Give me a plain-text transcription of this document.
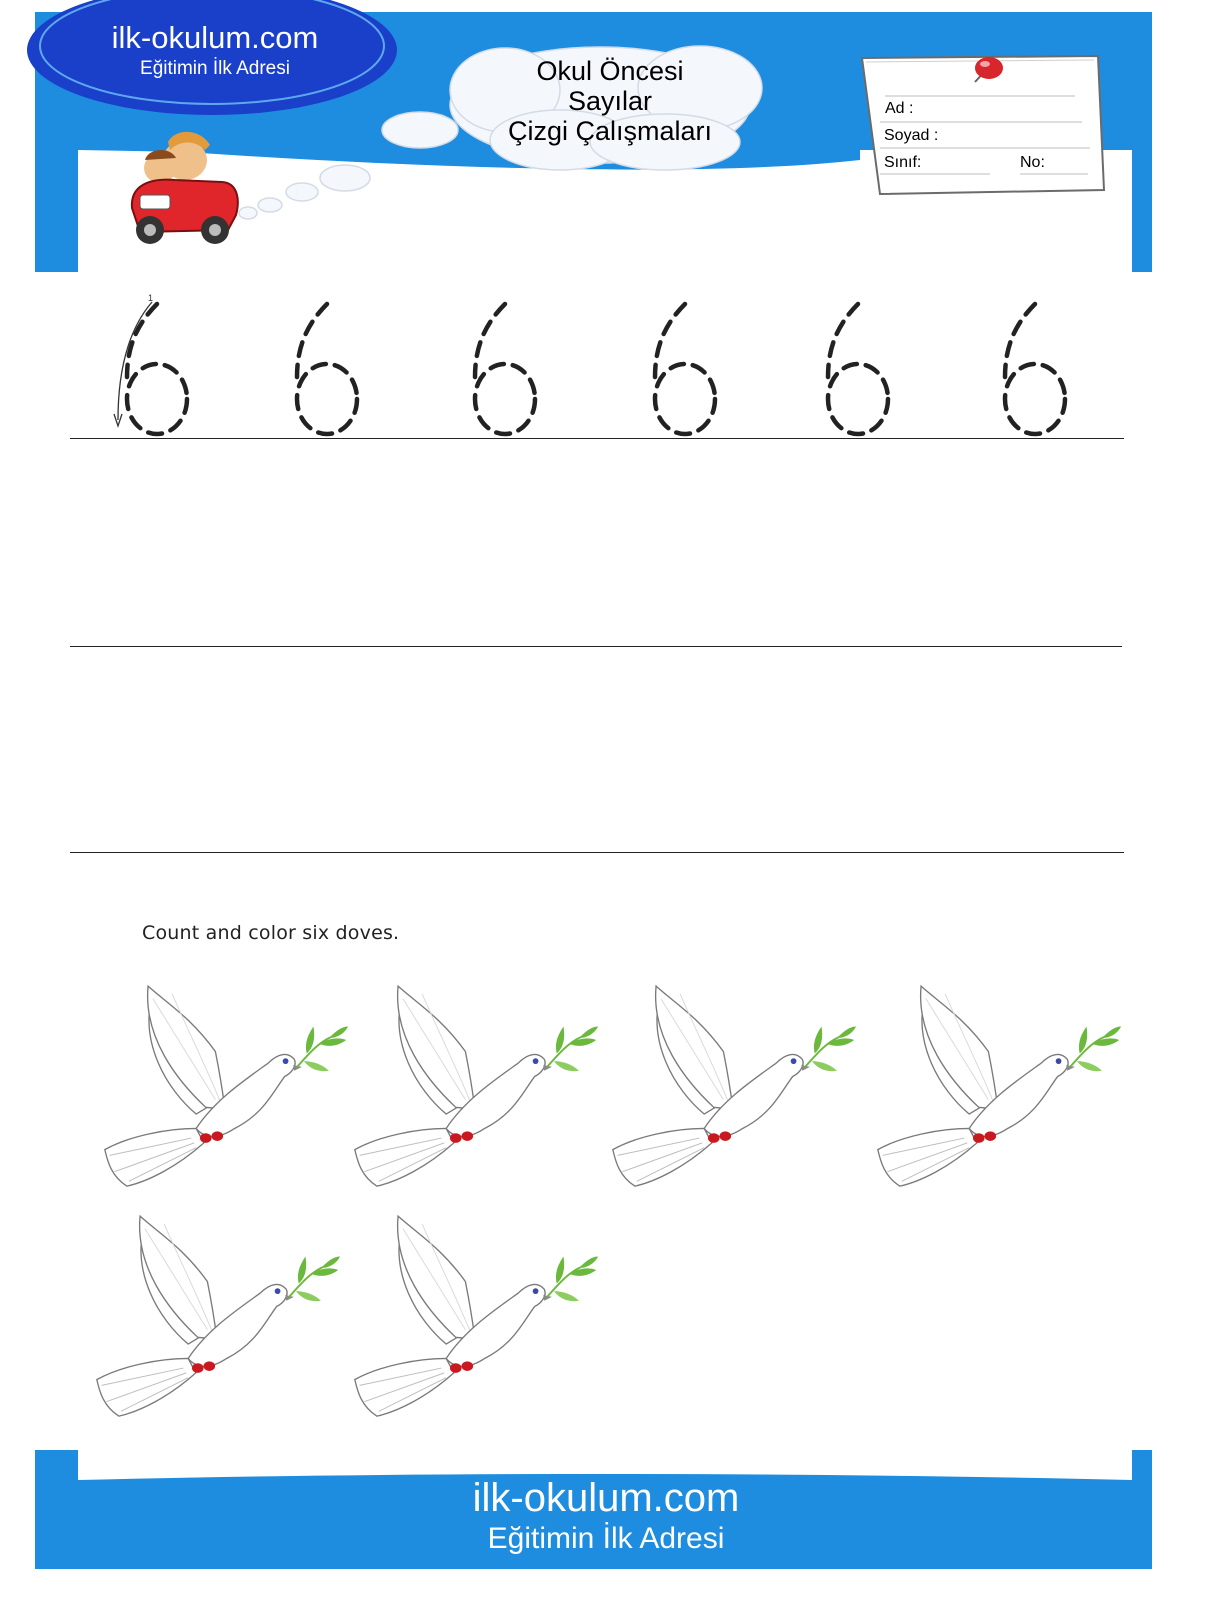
ilk-okulum.com
Eğitimin İlk Adresi	Okul Öncesi
Sayılar
Çizgi Çalışmaları
Ad :
Soyad :
Sınıf:	No:
1
Count and color six doves.
ilk-okulum.com
Eğitimin İlk Adresi
